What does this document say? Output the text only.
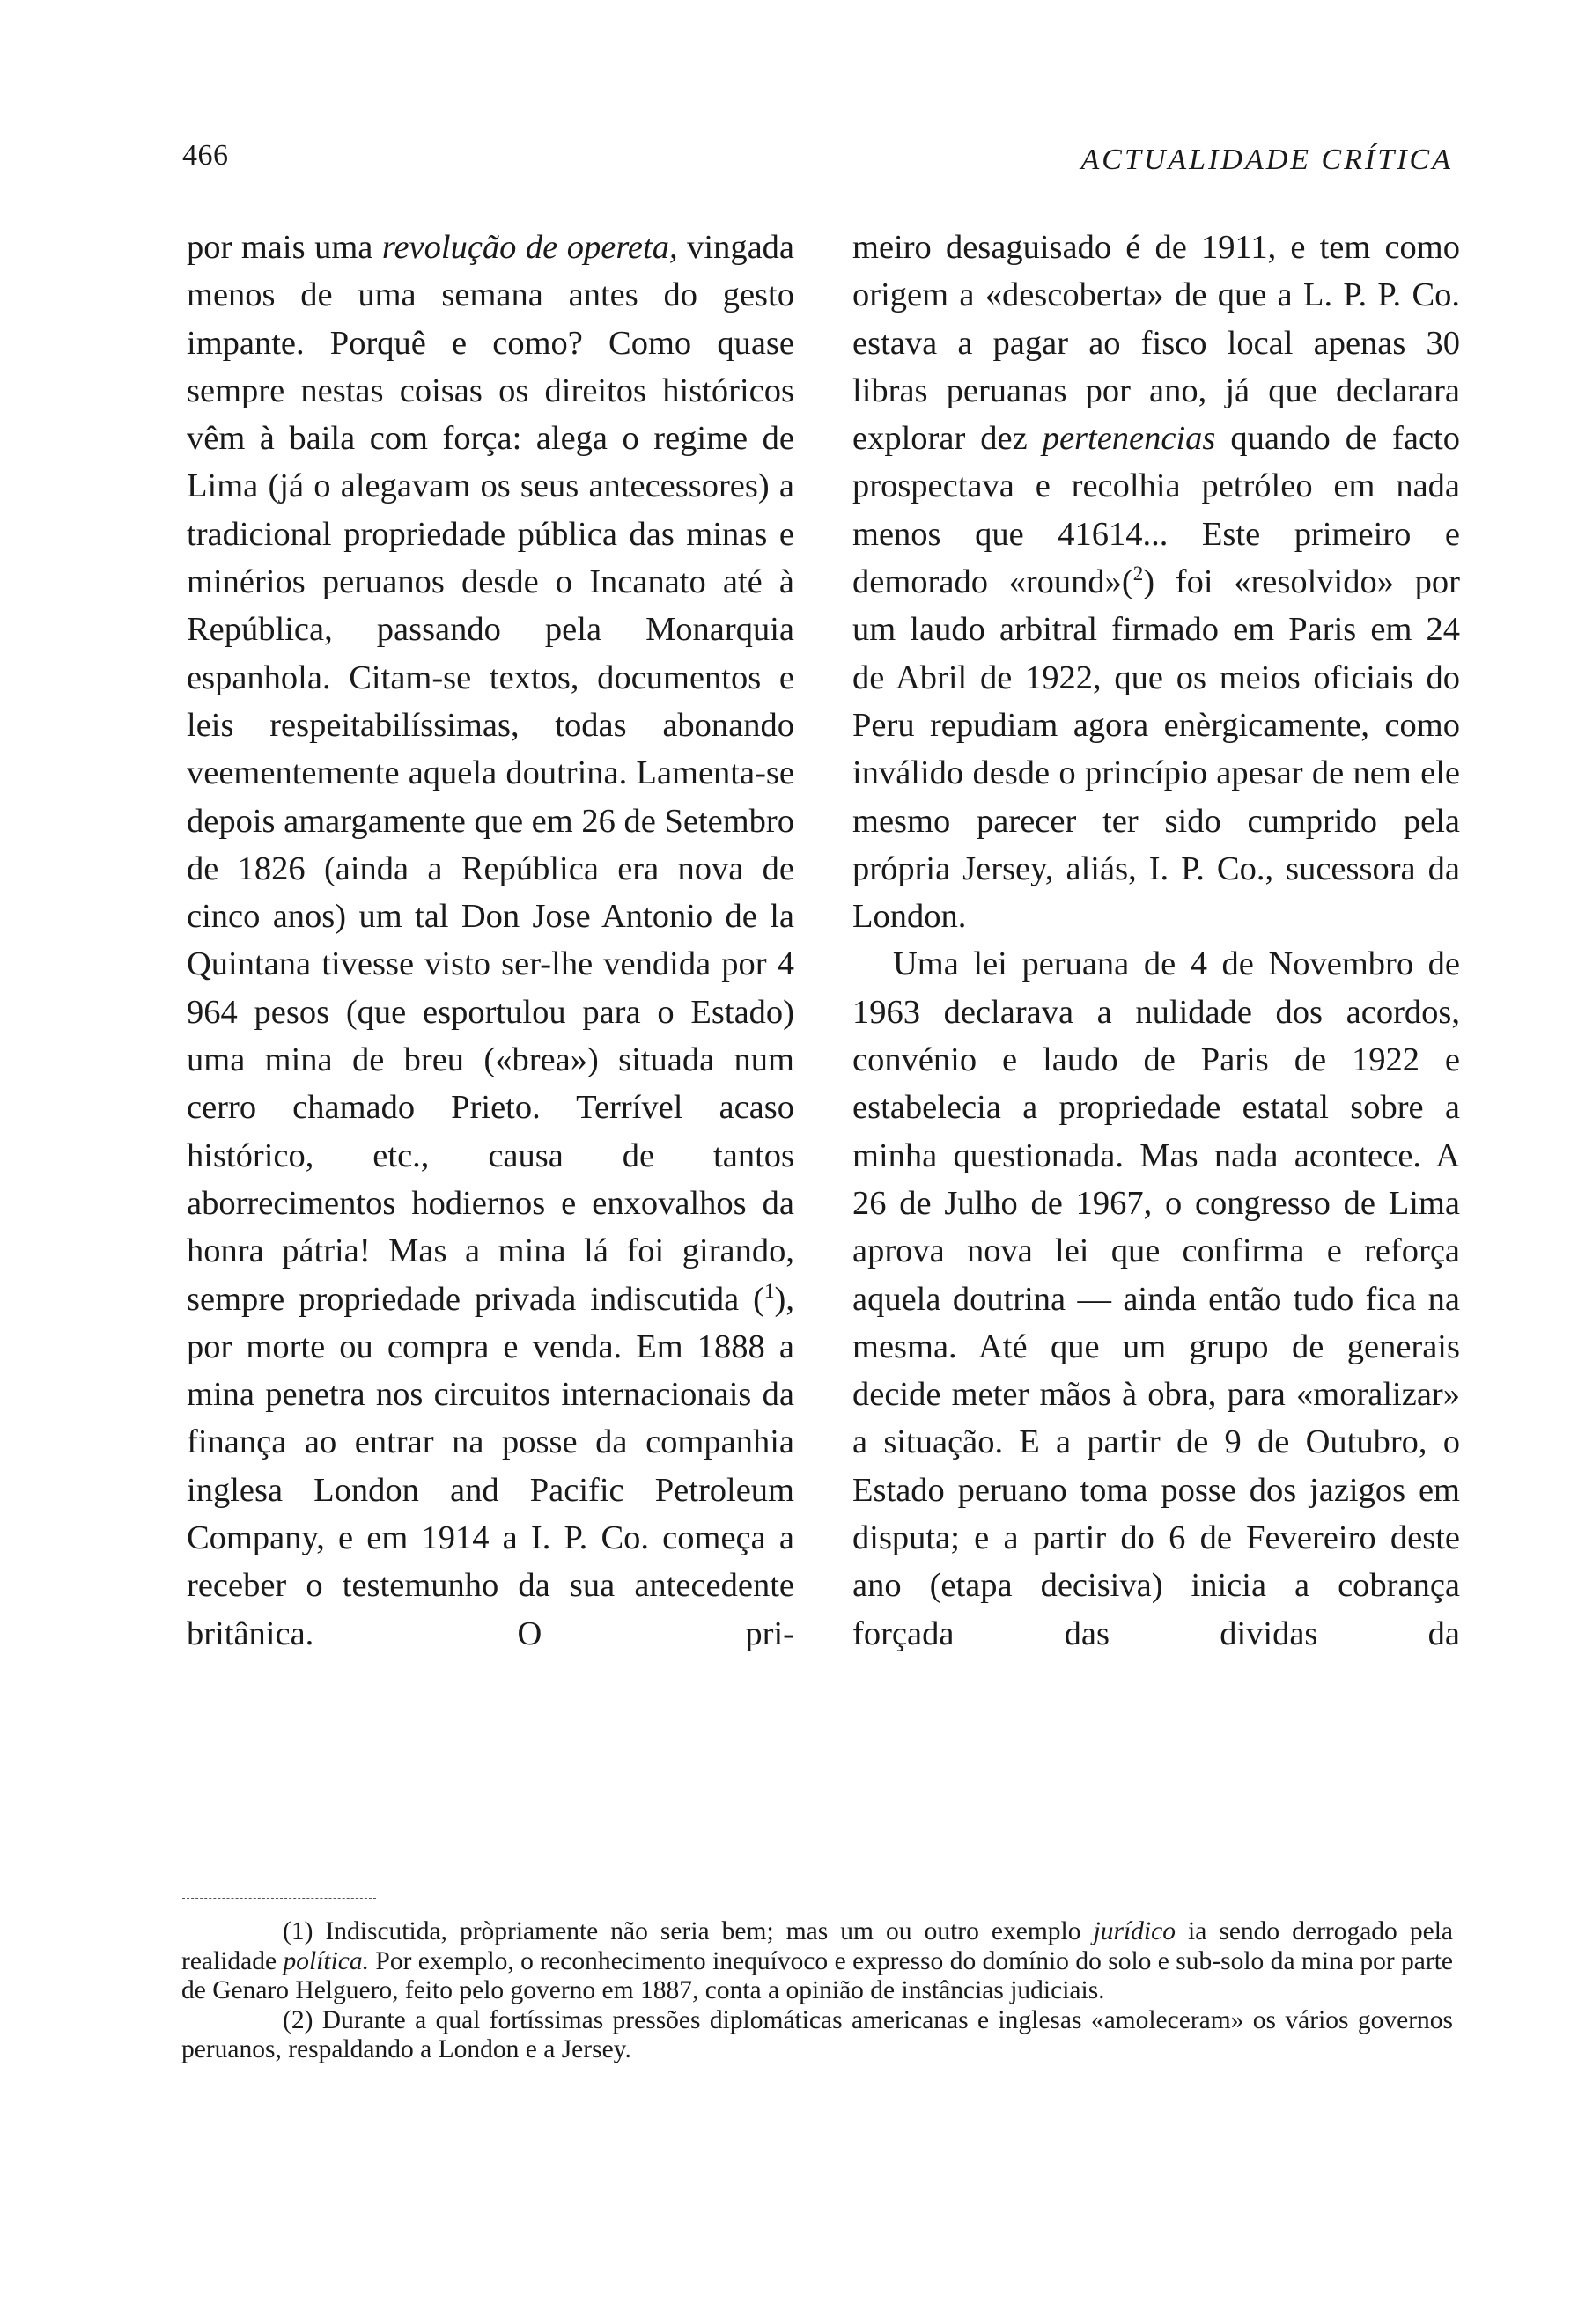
466	ACTUALIDADE CRÍTICA

por mais uma revolução de opereta, vingada menos de uma semana antes do gesto impante. Porquê e como? Como quase sempre nestas coisas os direitos históricos vêm à baila com força: alega o regime de Lima (já o alegavam os seus antecessores) a tradicional propriedade pública das minas e minérios peruanos desde o Incanato até à República, passando pela Monarquia espanhola. Citam-se textos, documentos e leis respeitabilíssimas, todas abonando veementemente aquela doutrina. Lamenta-se depois amargamente que em 26 de Setembro de 1826 (ainda a República era nova de cinco anos) um tal Don Jose Antonio de la Quintana tivesse visto ser-lhe vendida por 4 964 pesos (que esportulou para o Estado) uma mina de breu («brea») situada num cerro chamado Prieto. Terrível acaso histórico, etc., causa de tantos aborrecimentos hodiernos e enxovalhos da honra pátria! Mas a mina lá foi girando, sempre propriedade privada indiscutida ($^1$), por morte ou compra e venda. Em 1888 a mina penetra nos circuitos internacionais da finança ao entrar na posse da companhia inglesa London and Pacific Petroleum Company, e em 1914 a I. P. Co. começa a receber o testemunho da sua antecedente britânica. O pri-

meiro desaguisado é de 1911, e tem como origem a «descoberta» de que a L. P. P. Co. estava a pagar ao fisco local apenas 30 libras peruanas por ano, já que declarara explorar dez pertenencias quando de facto prospectava e recolhia petróleo em nada menos que 41614... Este primeiro e demorado «round»($^2$) foi «resolvido» por um laudo arbitral firmado em Paris em 24 de Abril de 1922, que os meios oficiais do Peru repudiam agora enèrgicamente, como inválido desde o princípio apesar de nem ele mesmo parecer ter sido cumprido pela própria Jersey, aliás, I. P. Co., sucessora da London.

Uma lei peruana de 4 de Novembro de 1963 declarava a nulidade dos acordos, convénio e laudo de Paris de 1922 e estabelecia a propriedade estatal sobre a minha questionada. Mas nada acontece. A 26 de Julho de 1967, o congresso de Lima aprova nova lei que confirma e reforça aquela doutrina — ainda então tudo fica na mesma. Até que um grupo de generais decide meter mãos à obra, para «moralizar» a situação. E a partir de 9 de Outubro, o Estado peruano toma posse dos jazigos em disputa; e a partir do 6 de Fevereiro deste ano (etapa decisiva) inicia a cobrança forçada das dividas da

(1) Indiscutida, pròpriamente não seria bem; mas um ou outro exemplo jurídico ia sendo derrogado pela realidade política. Por exemplo, o reconhecimento inequívoco e expresso do domínio do solo e sub-solo da mina por parte de Genaro Helguero, feito pelo governo em 1887, conta a opinião de instâncias judiciais.

(2) Durante a qual fortíssimas pressões diplomáticas americanas e inglesas «amoleceram» os vários governos peruanos, respaldando a London e a Jersey.
